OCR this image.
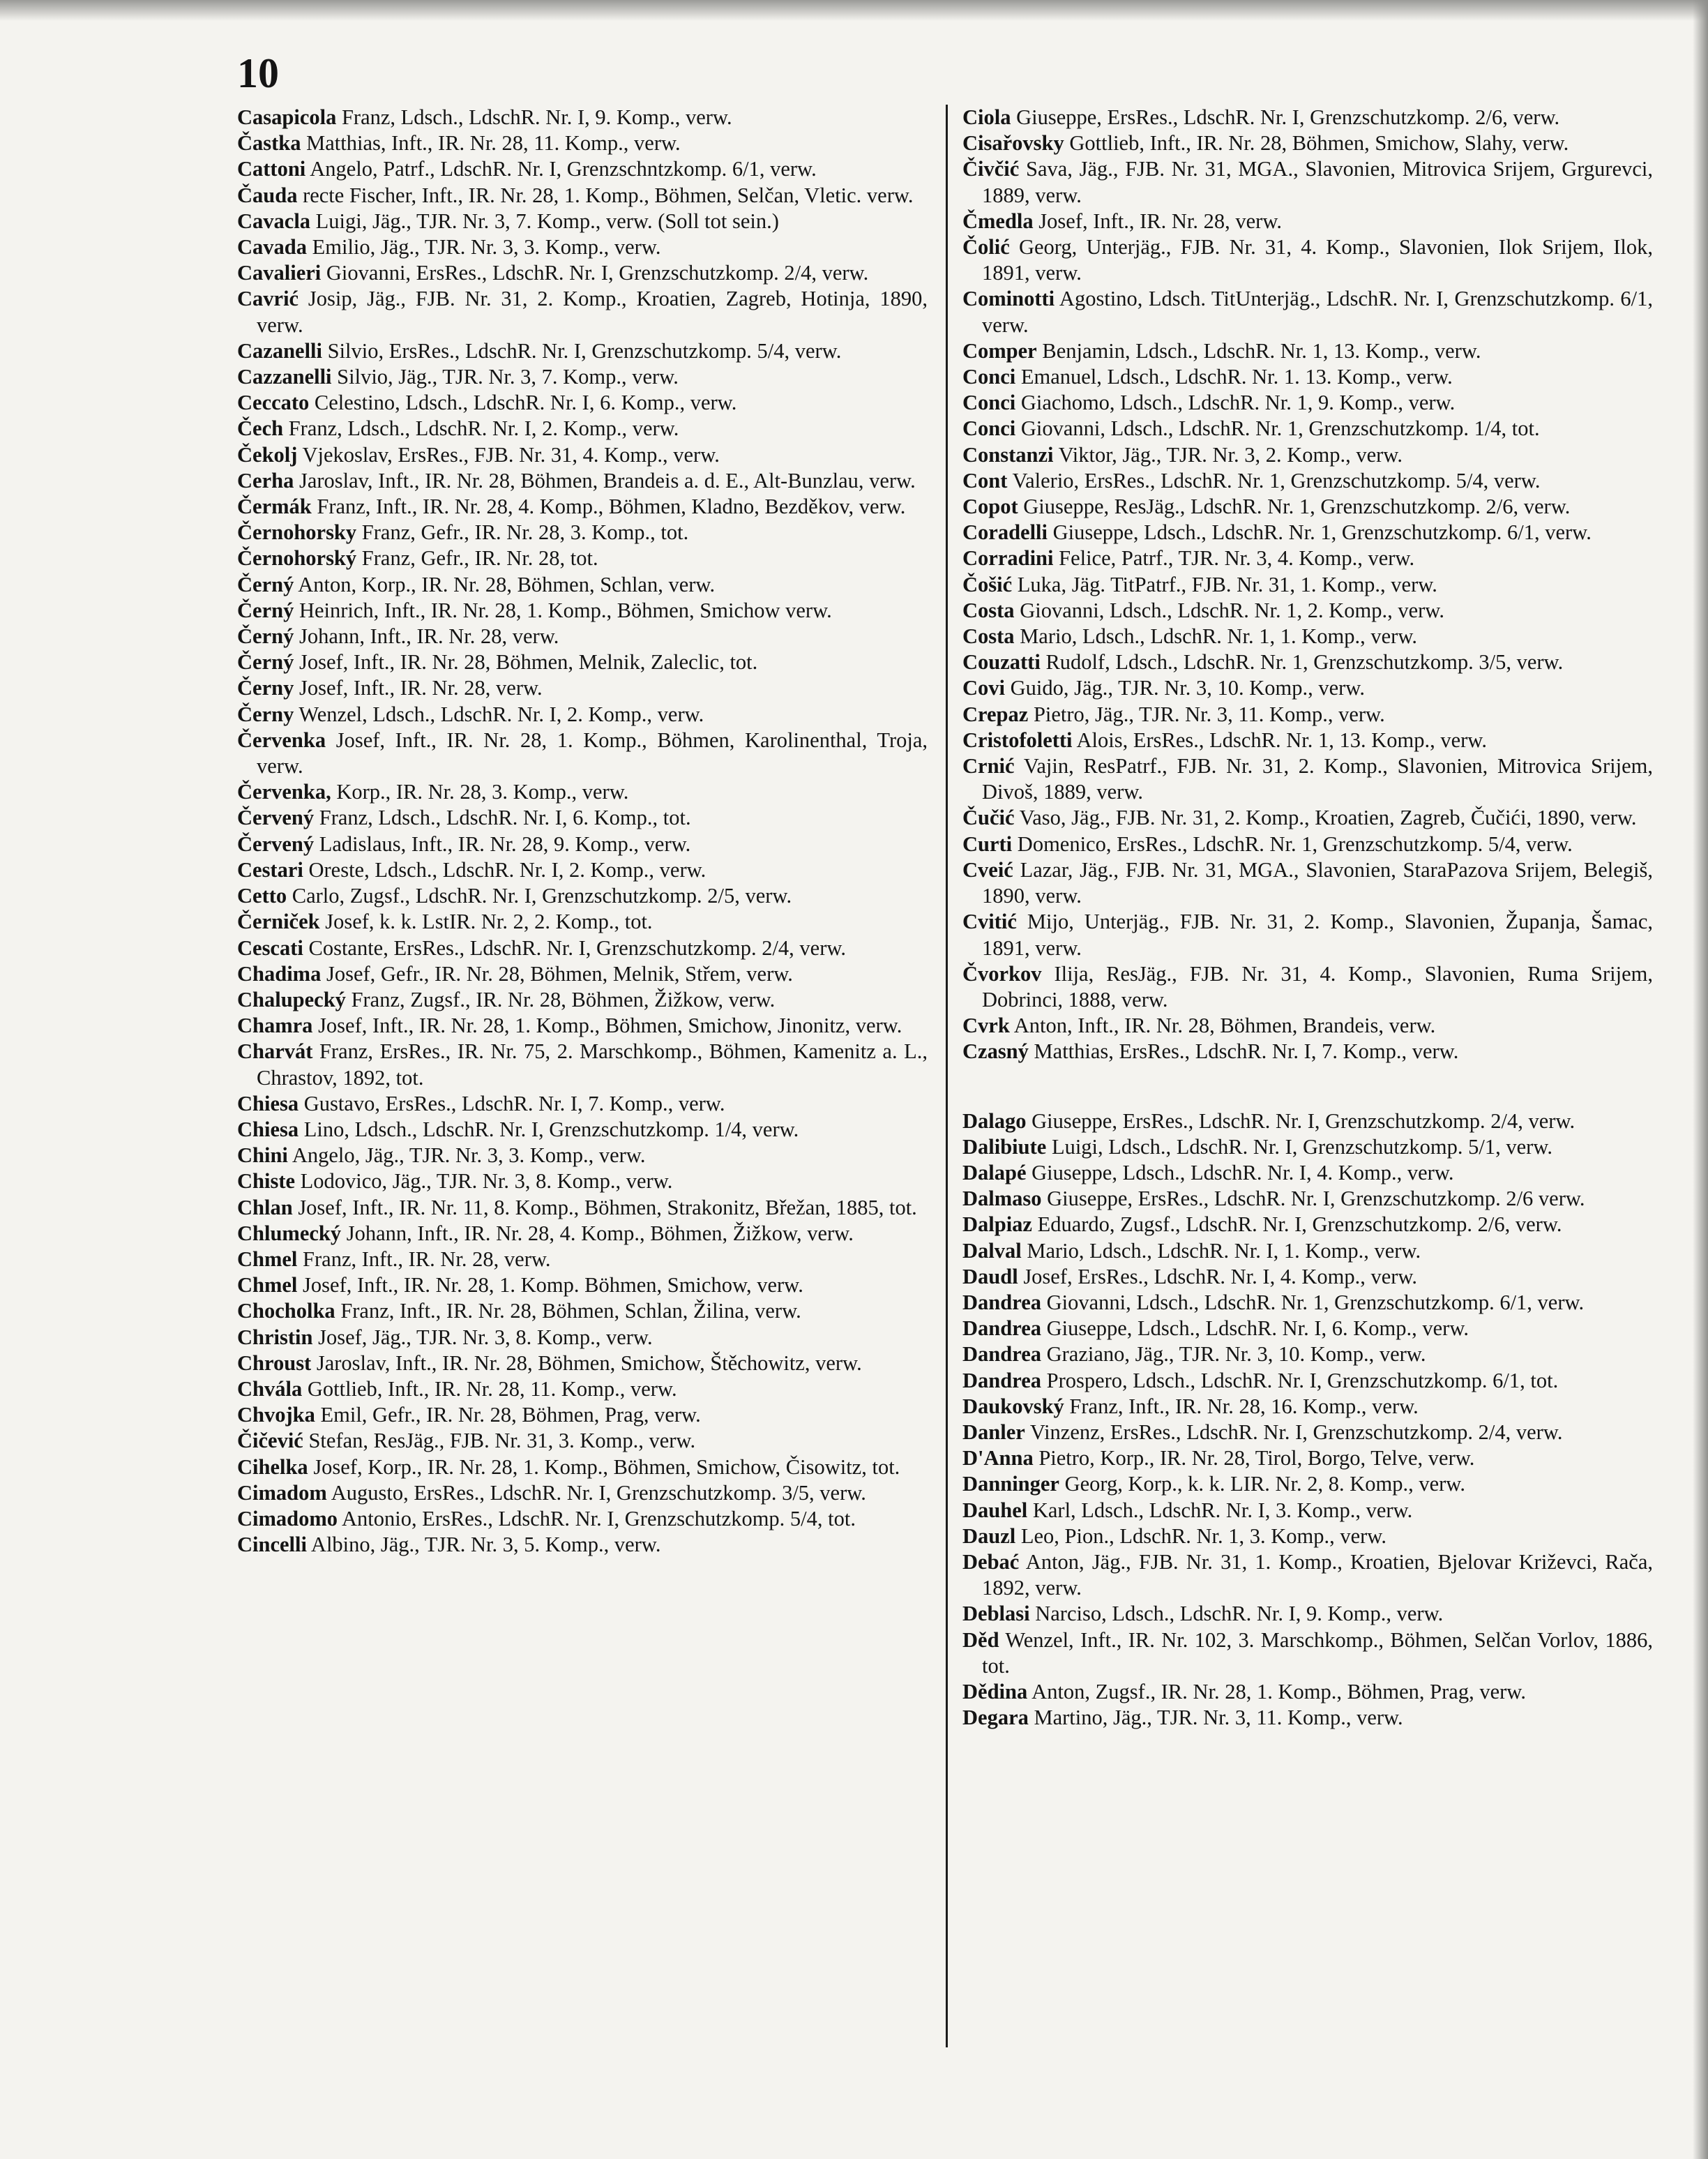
10
Casapicola Franz, Ldsch., LdschR. Nr. I, 9. Komp., verw.
Častka Matthias, Inft., IR. Nr. 28, 11. Komp., verw.
Cattoni Angelo, Patrf., LdschR. Nr. I, Grenzschntzkomp. 6/1, verw.
Čauda recte Fischer, Inft., IR. Nr. 28, 1. Komp., Böhmen, Selčan, Vletic. verw.
Cavacla Luigi, Jäg., TJR. Nr. 3, 7. Komp., verw. (Soll tot sein.)
Cavada Emilio, Jäg., TJR. Nr. 3, 3. Komp., verw.
Cavalieri Giovanni, ErsRes., LdschR. Nr. I, Grenzschutzkomp. 2/4, verw.
Cavrić Josip, Jäg., FJB. Nr. 31, 2. Komp., Kroatien, Zagreb, Hotinja, 1890, verw.
Cazanelli Silvio, ErsRes., LdschR. Nr. I, Grenzschutzkomp. 5/4, verw.
Cazzanelli Silvio, Jäg., TJR. Nr. 3, 7. Komp., verw.
Ceccato Celestino, Ldsch., LdschR. Nr. I, 6. Komp., verw.
Čech Franz, Ldsch., LdschR. Nr. I, 2. Komp., verw.
Čekolj Vjekoslav, ErsRes., FJB. Nr. 31, 4. Komp., verw.
Cerha Jaroslav, Inft., IR. Nr. 28, Böhmen, Brandeis a. d. E., Alt-Bunzlau, verw.
Čermák Franz, Inft., IR. Nr. 28, 4. Komp., Böhmen, Kladno, Bezděkov, verw.
Černohorsky Franz, Gefr., IR. Nr. 28, 3. Komp., tot.
Černohorský Franz, Gefr., IR. Nr. 28, tot.
Černý Anton, Korp., IR. Nr. 28, Böhmen, Schlan, verw.
Černý Heinrich, Inft., IR. Nr. 28, 1. Komp., Böhmen, Smichow verw.
Černý Johann, Inft., IR. Nr. 28, verw.
Černý Josef, Inft., IR. Nr. 28, Böhmen, Melnik, Zaleclic, tot.
Černy Josef, Inft., IR. Nr. 28, verw.
Černy Wenzel, Ldsch., LdschR. Nr. I, 2. Komp., verw.
Červenka Josef, Inft., IR. Nr. 28, 1. Komp., Böhmen, Karolinenthal, Troja, verw.
Červenka, Korp., IR. Nr. 28, 3. Komp., verw.
Červený Franz, Ldsch., LdschR. Nr. I, 6. Komp., tot.
Červený Ladislaus, Inft., IR. Nr. 28, 9. Komp., verw.
Cestari Oreste, Ldsch., LdschR. Nr. I, 2. Komp., verw.
Cetto Carlo, Zugsf., LdschR. Nr. I, Grenzschutzkomp. 2/5, verw.
Černiček Josef, k. k. LstIR. Nr. 2, 2. Komp., tot.
Cescati Costante, ErsRes., LdschR. Nr. I, Grenzschutzkomp. 2/4, verw.
Chadima Josef, Gefr., IR. Nr. 28, Böhmen, Melnik, Střem, verw.
Chalupecký Franz, Zugsf., IR. Nr. 28, Böhmen, Žižkow, verw.
Chamra Josef, Inft., IR. Nr. 28, 1. Komp., Böhmen, Smichow, Jinonitz, verw.
Charvát Franz, ErsRes., IR. Nr. 75, 2. Marschkomp., Böhmen, Kamenitz a. L., Chrastov, 1892, tot.
Chiesa Gustavo, ErsRes., LdschR. Nr. I, 7. Komp., verw.
Chiesa Lino, Ldsch., LdschR. Nr. I, Grenzschutzkomp. 1/4, verw.
Chini Angelo, Jäg., TJR. Nr. 3, 3. Komp., verw.
Chiste Lodovico, Jäg., TJR. Nr. 3, 8. Komp., verw.
Chlan Josef, Inft., IR. Nr. 11, 8. Komp., Böhmen, Strakonitz, Břežan, 1885, tot.
Chlumecký Johann, Inft., IR. Nr. 28, 4. Komp., Böhmen, Žižkow, verw.
Chmel Franz, Inft., IR. Nr. 28, verw.
Chmel Josef, Inft., IR. Nr. 28, 1. Komp. Böhmen, Smichow, verw.
Chocholka Franz, Inft., IR. Nr. 28, Böhmen, Schlan, Žilina, verw.
Christin Josef, Jäg., TJR. Nr. 3, 8. Komp., verw.
Chroust Jaroslav, Inft., IR. Nr. 28, Böhmen, Smichow, Štěchowitz, verw.
Chvála Gottlieb, Inft., IR. Nr. 28, 11. Komp., verw.
Chvojka Emil, Gefr., IR. Nr. 28, Böhmen, Prag, verw.
Čičević Stefan, ResJäg., FJB. Nr. 31, 3. Komp., verw.
Cihelka Josef, Korp., IR. Nr. 28, 1. Komp., Böhmen, Smichow, Čisowitz, tot.
Cimadom Augusto, ErsRes., LdschR. Nr. I, Grenzschutzkomp. 3/5, verw.
Cimadomo Antonio, ErsRes., LdschR. Nr. I, Grenzschutzkomp. 5/4, tot.
Cincelli Albino, Jäg., TJR. Nr. 3, 5. Komp., verw.
Ciola Giuseppe, ErsRes., LdschR. Nr. I, Grenzschutzkomp. 2/6, verw.
Cisařovsky Gottlieb, Inft., IR. Nr. 28, Böhmen, Smichow, Slahy, verw.
Čivčić Sava, Jäg., FJB. Nr. 31, MGA., Slavonien, Mitrovica Srijem, Grgurevci, 1889, verw.
Čmedla Josef, Inft., IR. Nr. 28, verw.
Čolić Georg, Unterjäg., FJB. Nr. 31, 4. Komp., Slavonien, Ilok Srijem, Ilok, 1891, verw.
Cominotti Agostino, Ldsch. TitUnterjäg., LdschR. Nr. I, Grenzschutzkomp. 6/1, verw.
Comper Benjamin, Ldsch., LdschR. Nr. 1, 13. Komp., verw.
Conci Emanuel, Ldsch., LdschR. Nr. 1. 13. Komp., verw.
Conci Giachomo, Ldsch., LdschR. Nr. 1, 9. Komp., verw.
Conci Giovanni, Ldsch., LdschR. Nr. 1, Grenzschutzkomp. 1/4, tot.
Constanzi Viktor, Jäg., TJR. Nr. 3, 2. Komp., verw.
Cont Valerio, ErsRes., LdschR. Nr. 1, Grenzschutzkomp. 5/4, verw.
Copot Giuseppe, ResJäg., LdschR. Nr. 1, Grenzschutzkomp. 2/6, verw.
Coradelli Giuseppe, Ldsch., LdschR. Nr. 1, Grenzschutzkomp. 6/1, verw.
Corradini Felice, Patrf., TJR. Nr. 3, 4. Komp., verw.
Čošić Luka, Jäg. TitPatrf., FJB. Nr. 31, 1. Komp., verw.
Costa Giovanni, Ldsch., LdschR. Nr. 1, 2. Komp., verw.
Costa Mario, Ldsch., LdschR. Nr. 1, 1. Komp., verw.
Couzatti Rudolf, Ldsch., LdschR. Nr. 1, Grenzschutzkomp. 3/5, verw.
Covi Guido, Jäg., TJR. Nr. 3, 10. Komp., verw.
Crepaz Pietro, Jäg., TJR. Nr. 3, 11. Komp., verw.
Cristofoletti Alois, ErsRes., LdschR. Nr. 1, 13. Komp., verw.
Crnić Vajin, ResPatrf., FJB. Nr. 31, 2. Komp., Slavonien, Mitrovica Srijem, Divoš, 1889, verw.
Čučić Vaso, Jäg., FJB. Nr. 31, 2. Komp., Kroatien, Zagreb, Čučići, 1890, verw.
Curti Domenico, ErsRes., LdschR. Nr. 1, Grenzschutzkomp. 5/4, verw.
Cveić Lazar, Jäg., FJB. Nr. 31, MGA., Slavonien, StaraPazova Srijem, Belegiš, 1890, verw.
Cvitić Mijo, Unterjäg., FJB. Nr. 31, 2. Komp., Slavonien, Županja, Šamac, 1891, verw.
Čvorkov Ilija, ResJäg., FJB. Nr. 31, 4. Komp., Slavonien, Ruma Srijem, Dobrinci, 1888, verw.
Cvrk Anton, Inft., IR. Nr. 28, Böhmen, Brandeis, verw.
Czasný Matthias, ErsRes., LdschR. Nr. I, 7. Komp., verw.
Dalago Giuseppe, ErsRes., LdschR. Nr. I, Grenzschutzkomp. 2/4, verw.
Dalibiute Luigi, Ldsch., LdschR. Nr. I, Grenzschutzkomp. 5/1, verw.
Dalapé Giuseppe, Ldsch., LdschR. Nr. I, 4. Komp., verw.
Dalmaso Giuseppe, ErsRes., LdschR. Nr. I, Grenzschutzkomp. 2/6 verw.
Dalpiaz Eduardo, Zugsf., LdschR. Nr. I, Grenzschutzkomp. 2/6, verw.
Dalval Mario, Ldsch., LdschR. Nr. I, 1. Komp., verw.
Daudl Josef, ErsRes., LdschR. Nr. I, 4. Komp., verw.
Dandrea Giovanni, Ldsch., LdschR. Nr. 1, Grenzschutzkomp. 6/1, verw.
Dandrea Giuseppe, Ldsch., LdschR. Nr. I, 6. Komp., verw.
Dandrea Graziano, Jäg., TJR. Nr. 3, 10. Komp., verw.
Dandrea Prospero, Ldsch., LdschR. Nr. I, Grenzschutzkomp. 6/1, tot.
Daukovský Franz, Inft., IR. Nr. 28, 16. Komp., verw.
Danler Vinzenz, ErsRes., LdschR. Nr. I, Grenzschutzkomp. 2/4, verw.
D'Anna Pietro, Korp., IR. Nr. 28, Tirol, Borgo, Telve, verw.
Danninger Georg, Korp., k. k. LIR. Nr. 2, 8. Komp., verw.
Dauhel Karl, Ldsch., LdschR. Nr. I, 3. Komp., verw.
Dauzl Leo, Pion., LdschR. Nr. 1, 3. Komp., verw.
Debać Anton, Jäg., FJB. Nr. 31, 1. Komp., Kroatien, Bjelovar Križevci, Rača, 1892, verw.
Deblasi Narciso, Ldsch., LdschR. Nr. I, 9. Komp., verw.
Děd Wenzel, Inft., IR. Nr. 102, 3. Marschkomp., Böhmen, Selčan Vorlov, 1886, tot.
Dědina Anton, Zugsf., IR. Nr. 28, 1. Komp., Böhmen, Prag, verw.
Degara Martino, Jäg., TJR. Nr. 3, 11. Komp., verw.
